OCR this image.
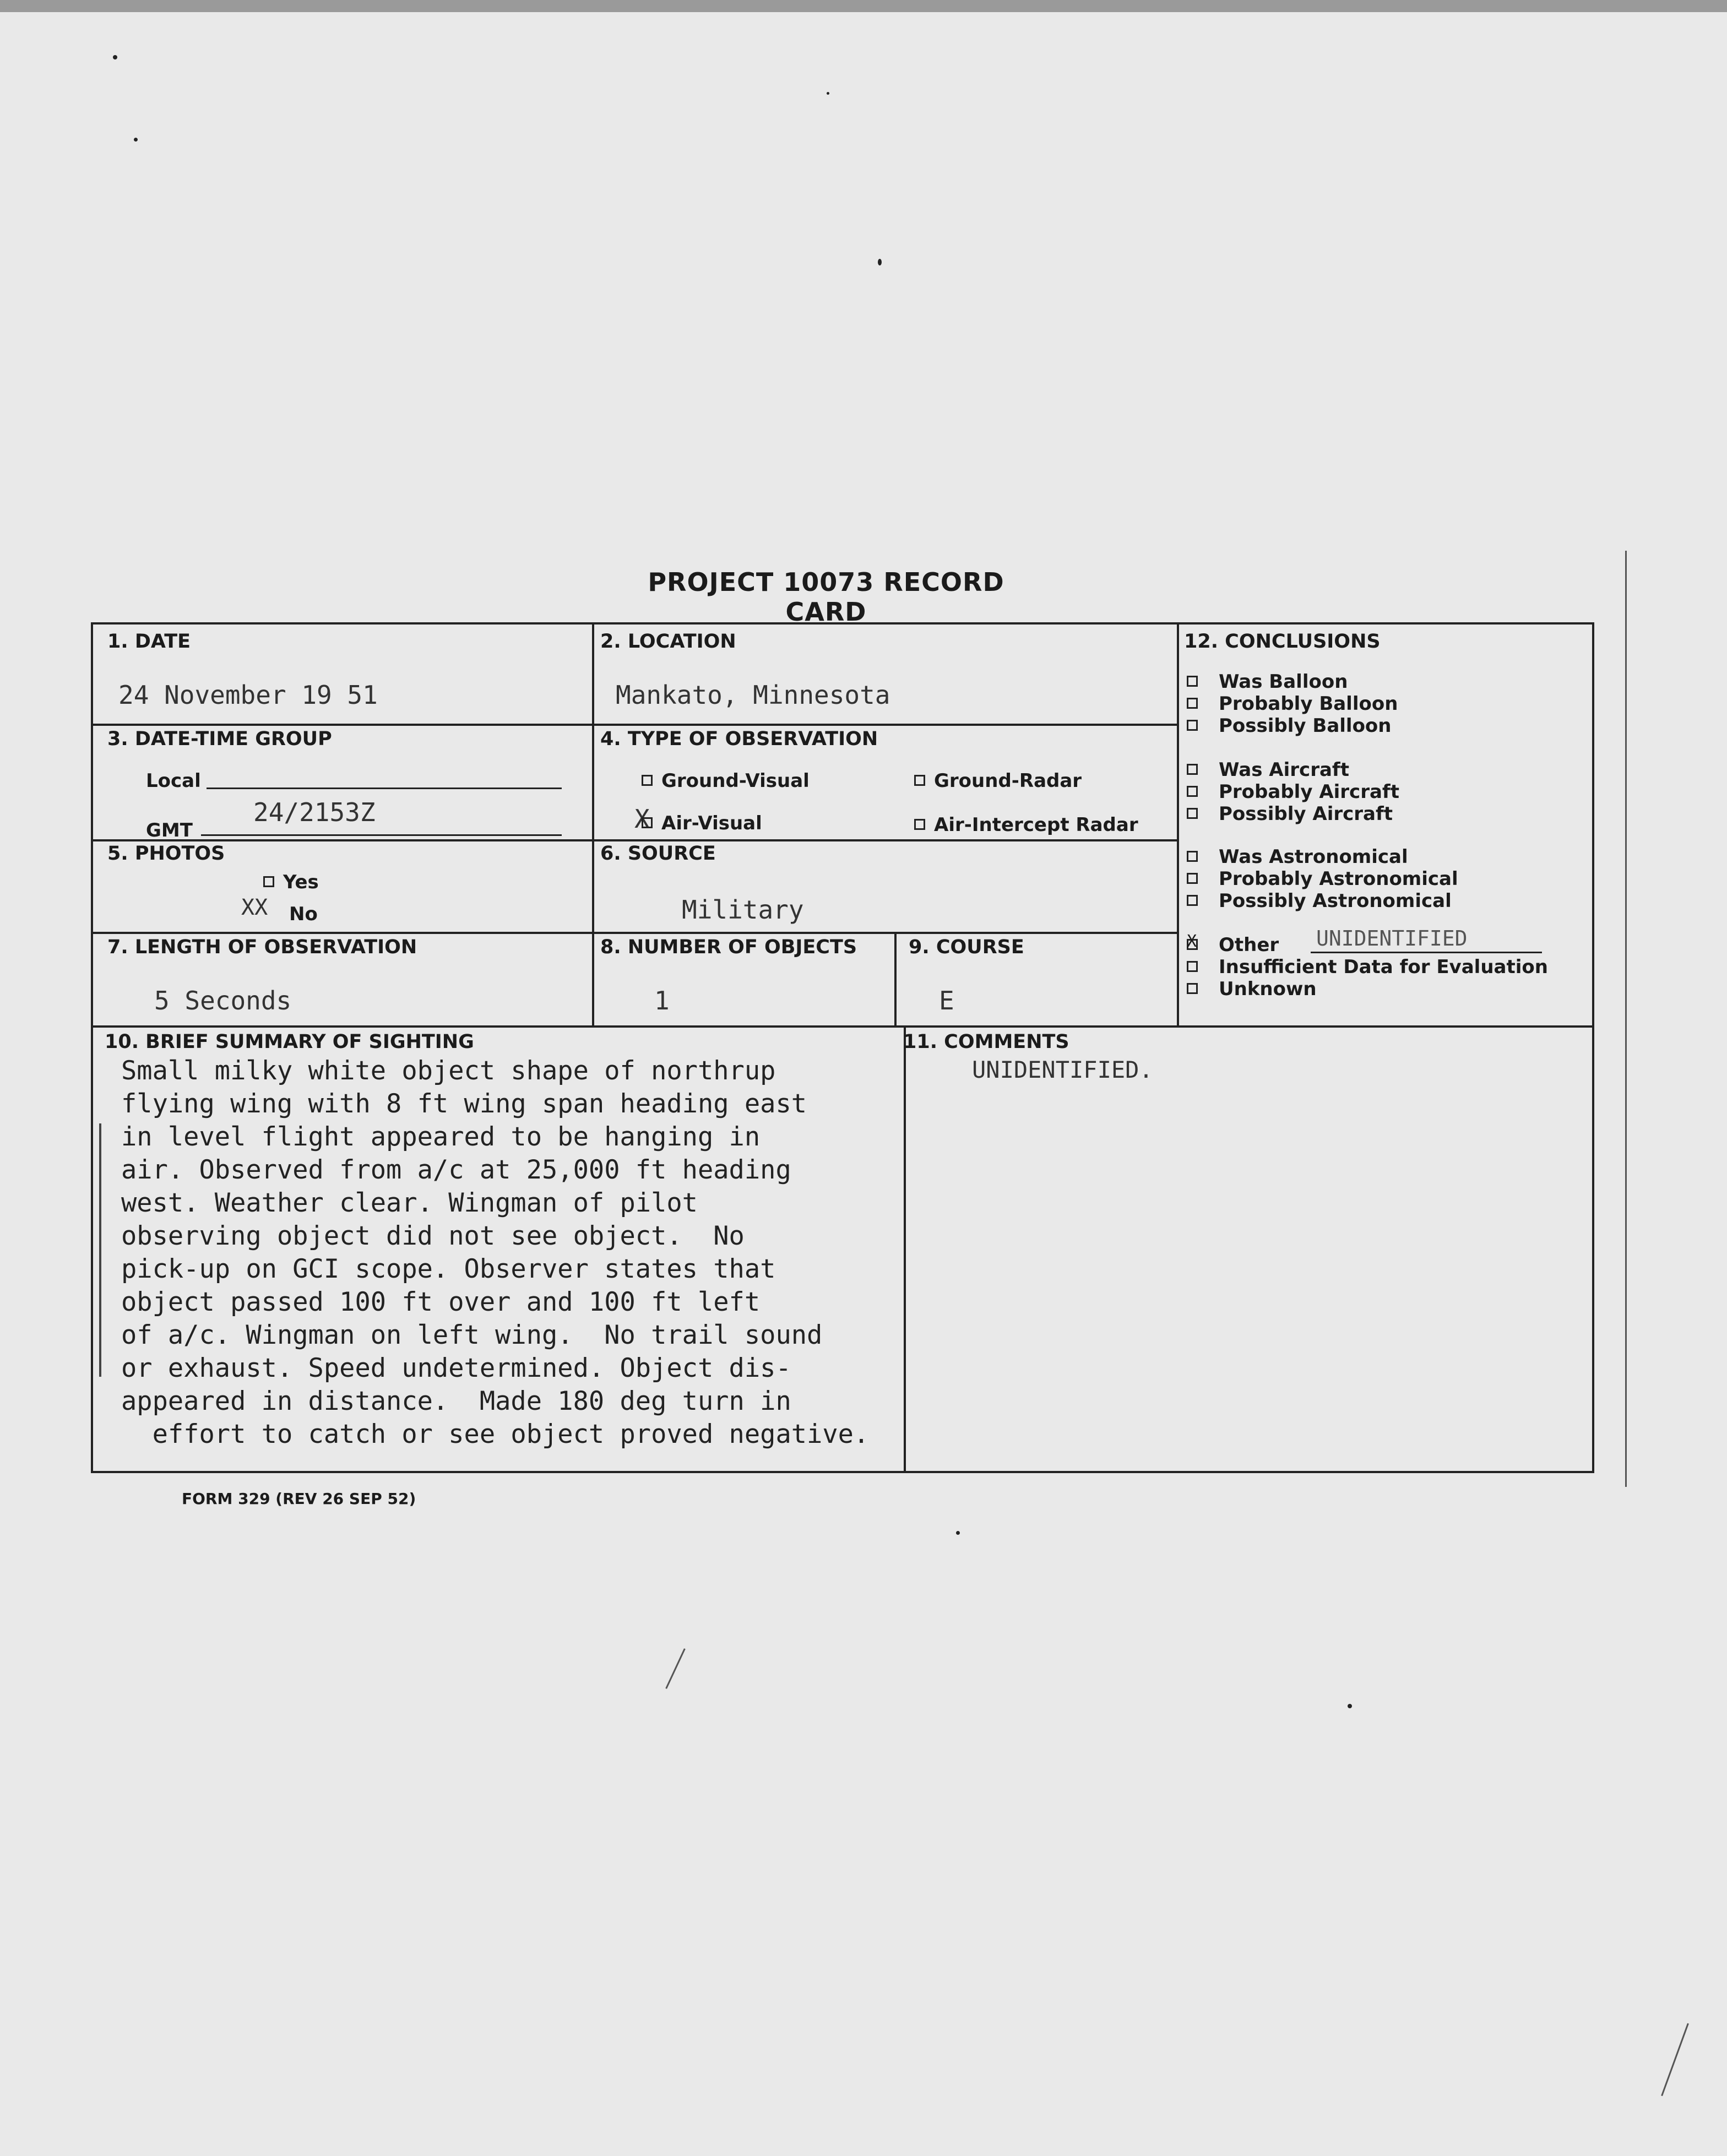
PROJECT 10073 RECORD CARD
1. DATE
24 November 19 51
2. LOCATION
Mankato, Minnesota
3. DATE-TIME GROUP
Local
GMT
24/2153Z
4. TYPE OF OBSERVATION
Ground-Visual	Ground-Radar
X Air-Visual	Air-Intercept Radar
5. PHOTOS
Yes
XX No
6. SOURCE
Military
7. LENGTH OF OBSERVATION
5 Seconds
8. NUMBER OF OBJECTS
1
9. COURSE
E
12. CONCLUSIONS
Was Balloon
Probably Balloon
Possibly Balloon
Was Aircraft
Probably Aircraft
Possibly Aircraft
Was Astronomical
Probably Astronomical
Possibly Astronomical
X Other
Insufficient Data for Evaluation
Unknown
UNIDENTIFIED
10. BRIEF SUMMARY OF SIGHTING
Small milky white object shape of northrup
flying wing with 8 ft wing span heading east
in level flight appeared to be hanging in
air. Observed from a/c at 25,000 ft heading
west. Weather clear. Wingman of pilot
observing object did not see object.  No
pick-up on GCI scope. Observer states that
object passed 100 ft over and 100 ft left
of a/c. Wingman on left wing.  No trail sound
or exhaust. Speed undetermined. Object dis-
appeared in distance.  Made 180 deg turn in
effort to catch or see object proved negative.
11. COMMENTS
UNIDENTIFIED.
FORM 329 (REV 26 SEP 52)
